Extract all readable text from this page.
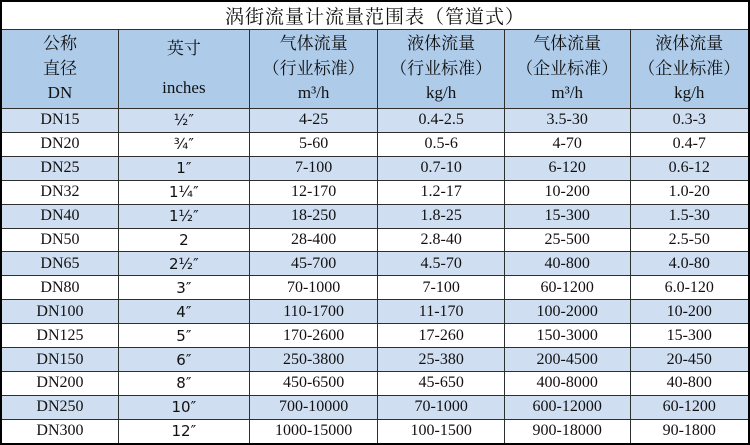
涡街流量计流量范围表（管道式）					

公称
直径
DN

英寸
inches

气体流量
（行业标准）
m³/h

液体流量
（行业标准）
kg/h

气体流量
（企业标准）
m³/h

液体流量
（企业标准）
kg/h

DN15	½″	4-25	0.4-2.5	3.5-30	0.3-3
DN20	¾″	5-60	0.5-6	4-70	0.4-7
DN25	1″	7-100	0.7-10	6-120	0.6-12
DN32	1¼″	12-170	1.2-17	10-200	1.0-20
DN40	1½″	18-250	1.8-25	15-300	1.5-30
DN50	2	28-400	2.8-40	25-500	2.5-50
DN65	2½″	45-700	4.5-70	40-800	4.0-80
DN80	3″	70-1000	7-100	60-1200	6.0-120
DN100	4″	110-1700	11-170	100-2000	10-200
DN125	5″	170-2600	17-260	150-3000	15-300
DN150	6″	250-3800	25-380	200-4500	20-450
DN200	8″	450-6500	45-650	400-8000	40-800
DN250	10″	700-10000	70-1000	600-12000	60-1200
DN300	12″	1000-15000	100-1500	900-18000	90-1800
